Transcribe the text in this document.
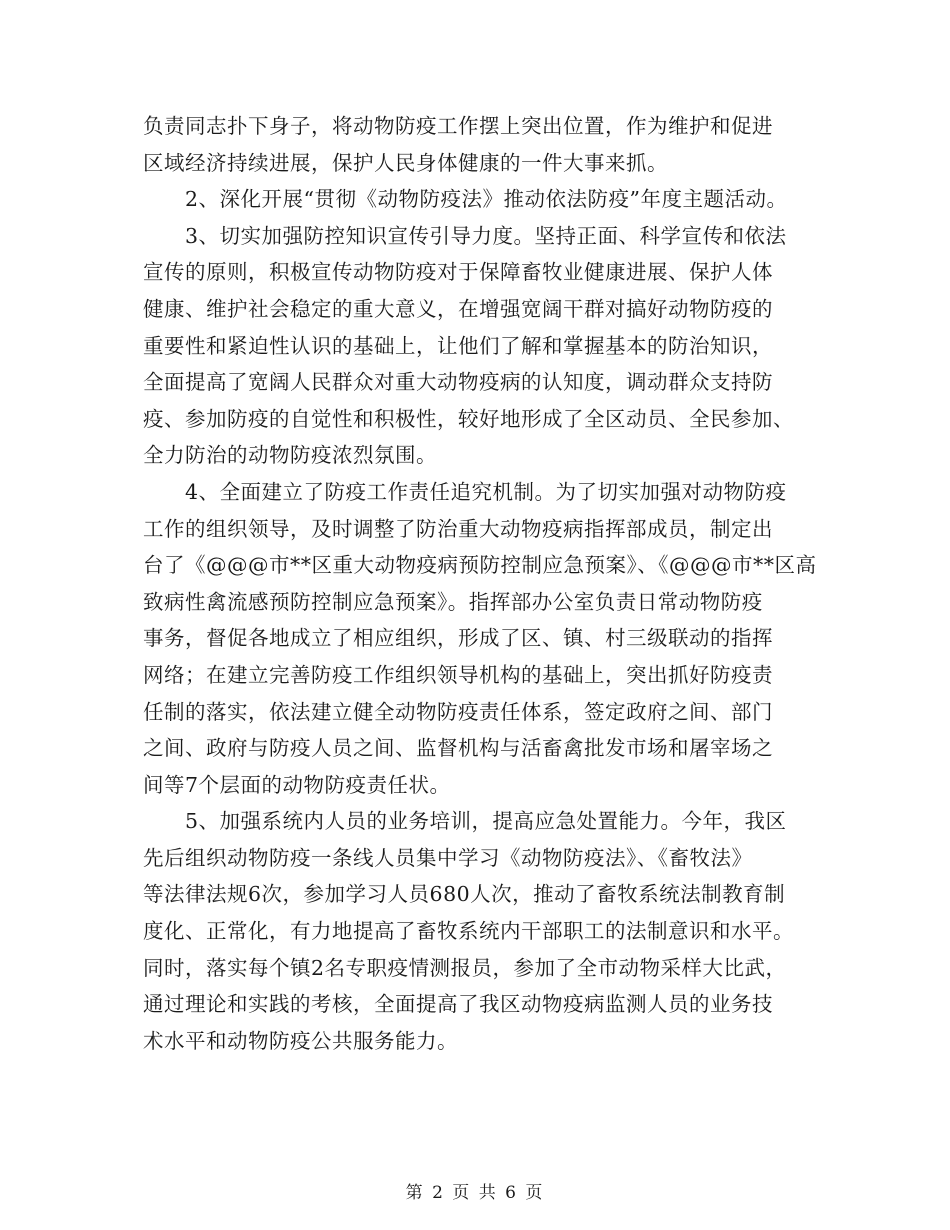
负责同志扑下身子，将动物防疫工作摆上突出位置，作为维护和促进
区域经济持续进展，保护人民身体健康的一件大事来抓。
2、深化开展“贯彻《动物防疫法》推动依法防疫”年度主题活动。
3、切实加强防控知识宣传引导力度。坚持正面、科学宣传和依法
宣传的原则，积极宣传动物防疫对于保障畜牧业健康进展、保护人体
健康、维护社会稳定的重大意义，在增强宽阔干群对搞好动物防疫的
重要性和紧迫性认识的基础上，让他们了解和掌握基本的防治知识，
全面提高了宽阔人民群众对重大动物疫病的认知度，调动群众支持防
疫、参加防疫的自觉性和积极性，较好地形成了全区动员、全民参加、
全力防治的动物防疫浓烈氛围。
4、全面建立了防疫工作责任追究机制。为了切实加强对动物防疫
工作的组织领导，及时调整了防治重大动物疫病指挥部成员，制定出
台了《@@@市**区重大动物疫病预防控制应急预案》、《@@@市**区高
致病性禽流感预防控制应急预案》。指挥部办公室负责日常动物防疫
事务，督促各地成立了相应组织，形成了区、镇、村三级联动的指挥
网络；在建立完善防疫工作组织领导机构的基础上，突出抓好防疫责
任制的落实，依法建立健全动物防疫责任体系，签定政府之间、部门
之间、政府与防疫人员之间、监督机构与活畜禽批发市场和屠宰场之
间等7个层面的动物防疫责任状。
5、加强系统内人员的业务培训，提高应急处置能力。今年，我区
先后组织动物防疫一条线人员集中学习《动物防疫法》、《畜牧法》
等法律法规6次，参加学习人员680人次，推动了畜牧系统法制教育制
度化、正常化，有力地提高了畜牧系统内干部职工的法制意识和水平。
同时，落实每个镇2名专职疫情测报员，参加了全市动物采样大比武，
通过理论和实践的考核，全面提高了我区动物疫病监测人员的业务技
术水平和动物防疫公共服务能力。
第 2 页 共 6 页
